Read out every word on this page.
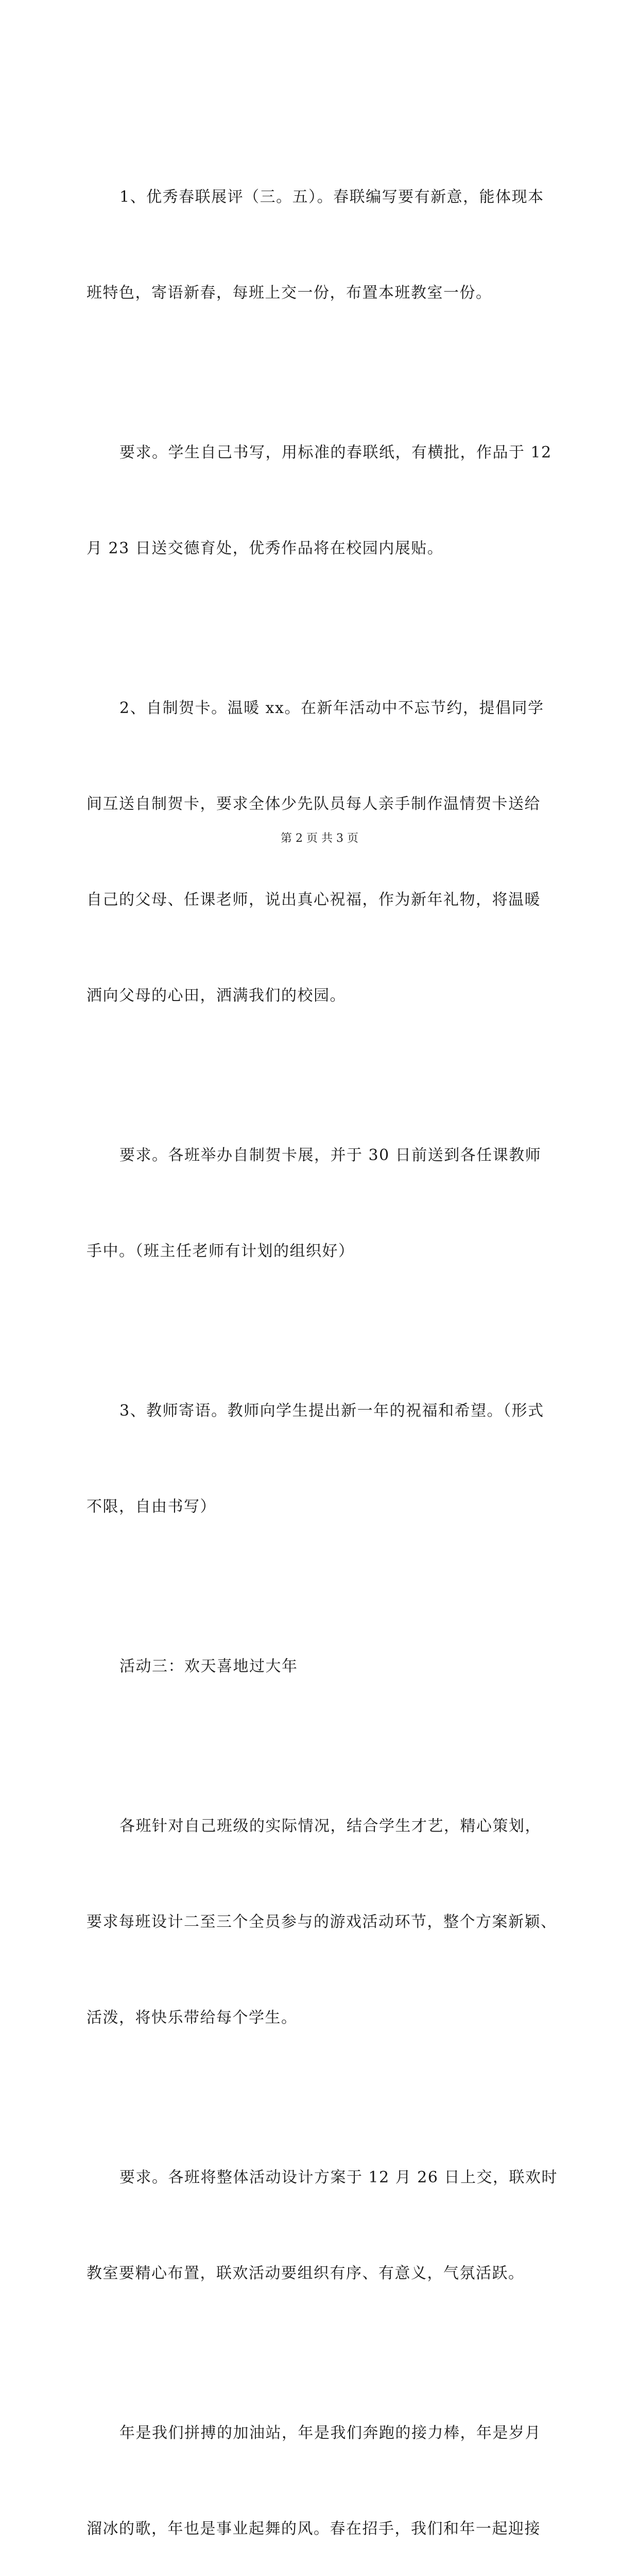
1、优秀春联展评（三。五）。春联编写要有新意，能体现本

班特色，寄语新春，每班上交一份，布置本班教室一份。

要求。学生自己书写，用标准的春联纸，有横批，作品于 12

月 23 日送交德育处，优秀作品将在校园内展贴。

2、自制贺卡。温暖 xx。在新年活动中不忘节约，提倡同学

间互送自制贺卡，要求全体少先队员每人亲手制作温情贺卡送给

自己的父母、任课老师，说出真心祝福，作为新年礼物，将温暖

洒向父母的心田，洒满我们的校园。

要求。各班举办自制贺卡展，并于 30 日前送到各任课教师

手中。（班主任老师有计划的组织好）

3、教师寄语。教师向学生提出新一年的祝福和希望。（形式

不限，自由书写）

活动三：欢天喜地过大年

各班针对自己班级的实际情况，结合学生才艺，精心策划，

要求每班设计二至三个全员参与的游戏活动环节，整个方案新颖、

活泼，将快乐带给每个学生。

要求。各班将整体活动设计方案于 12 月 26 日上交，联欢时

教室要精心布置，联欢活动要组织有序、有意义，气氛活跃。

年是我们拼搏的加油站，年是我们奔跑的接力棒，年是岁月

溜冰的歌，年也是事业起舞的风。春在招手，我们和年一起迎接

第 2 页 共 3 页
